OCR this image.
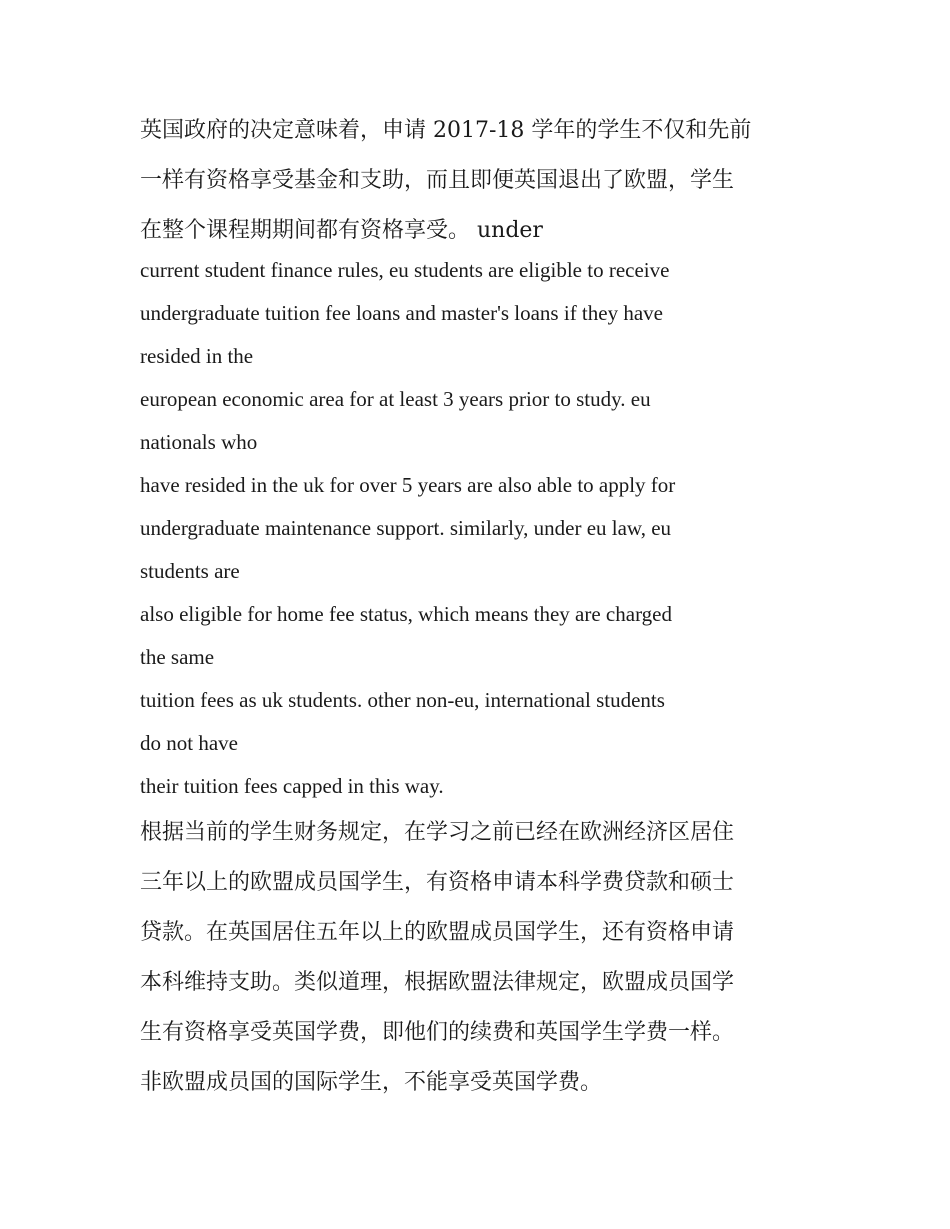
英国政府的决定意味着，申请 2017-18 学年的学生不仅和先前
一样有资格享受基金和支助，而且即便英国退出了欧盟，学生
在整个课程期期间都有资格享受。 under
current student finance rules, eu students are eligible to receive
undergraduate tuition fee loans and master's loans if they have
resided in the
european economic area for at least 3 years prior to study. eu
nationals who
have resided in the uk for over 5 years are also able to apply for
undergraduate maintenance support. similarly, under eu law, eu
students are
also eligible for home fee status, which means they are charged
the same
tuition fees as uk students. other non-eu, international students
do not have
their tuition fees capped in this way.
根据当前的学生财务规定，在学习之前已经在欧洲经济区居住
三年以上的欧盟成员国学生，有资格申请本科学费贷款和硕士
贷款。在英国居住五年以上的欧盟成员国学生，还有资格申请
本科维持支助。类似道理，根据欧盟法律规定，欧盟成员国学
生有资格享受英国学费，即他们的续费和英国学生学费一样。
非欧盟成员国的国际学生，不能享受英国学费。
